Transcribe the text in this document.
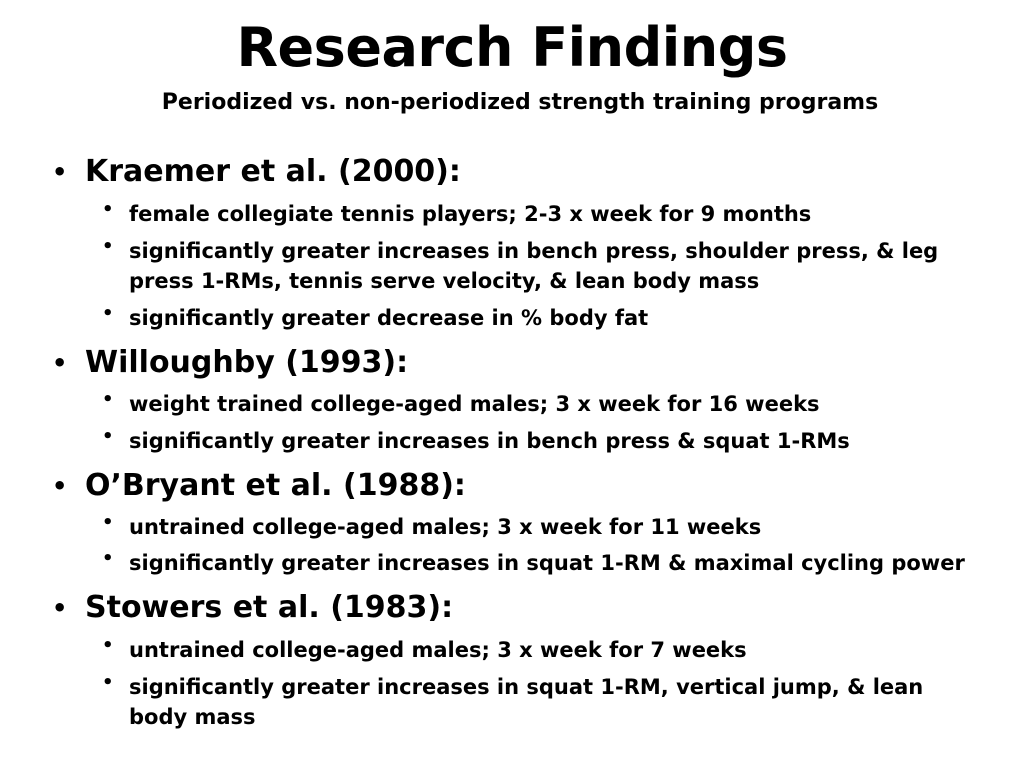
Research Findings
Periodized vs. non-periodized strength training programs
• Kraemer et al. (2000):
• female collegiate tennis players; 2-3 x week for 9 months
• significantly greater increases in bench press, shoulder press, & leg press 1-RMs, tennis serve velocity, & lean body mass
• significantly greater decrease in % body fat
• Willoughby (1993):
• weight trained college-aged males; 3 x week for 16 weeks
• significantly greater increases in bench press & squat 1-RMs
• O’Bryant et al. (1988):
• untrained college-aged males; 3 x week for 11 weeks
• significantly greater increases in squat 1-RM & maximal cycling power
• Stowers et al. (1983):
• untrained college-aged males; 3 x week for 7 weeks
• significantly greater increases in squat 1-RM, vertical jump, & lean body mass
